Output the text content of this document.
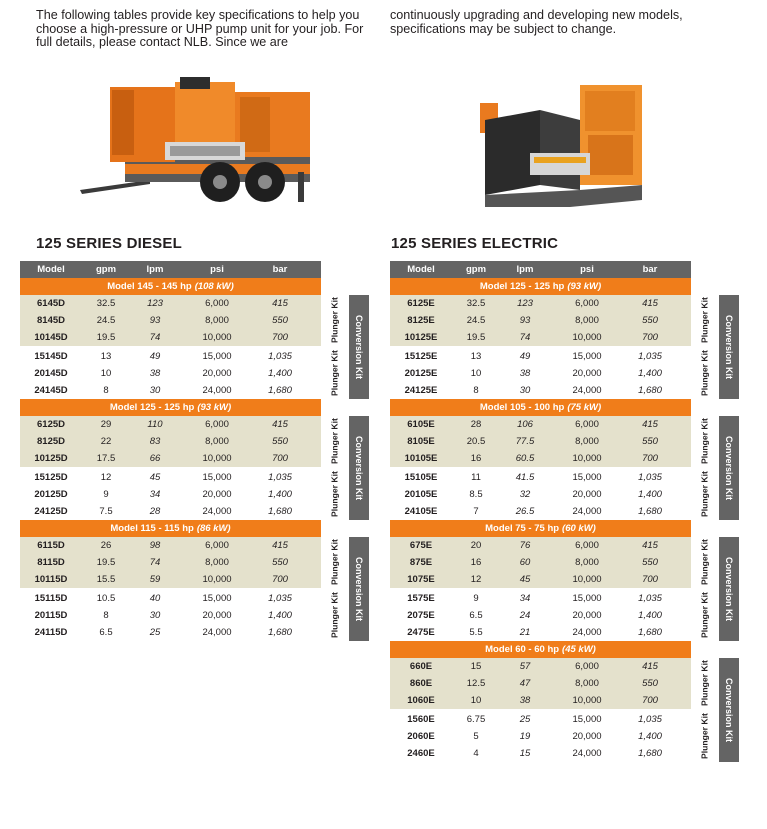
The following tables provide key specifications to help you choose a high-pressure or UHP pump unit for your job. For full details, please contact NLB. Since we are
continuously upgrading and developing new models, specifications may be subject to change.
125 SERIES DIESEL
Model	gpm	lpm	psi	bar
Model 145 - 145 hp (108 kW)
6145D	32.5	123	6,000	415
8145D	24.5	93	8,000	550
10145D	19.5	74	10,000	700
15145D	13	49	15,000	1,035
20145D	10	38	20,000	1,400
24145D	8	30	24,000	1,680
Plunger Kit
Plunger Kit	Conversion Kit
Model 125 - 125 hp (93 kW)
6125D	29	110	6,000	415
8125D	22	83	8,000	550
10125D	17.5	66	10,000	700
15125D	12	45	15,000	1,035
20125D	9	34	20,000	1,400
24125D	7.5	28	24,000	1,680
Plunger Kit
Plunger Kit	Conversion Kit
Model 115 - 115 hp (86 kW)
6115D	26	98	6,000	415
8115D	19.5	74	8,000	550
10115D	15.5	59	10,000	700
15115D	10.5	40	15,000	1,035
20115D	8	30	20,000	1,400
24115D	6.5	25	24,000	1,680
Plunger Kit
Plunger Kit	Conversion Kit
125 SERIES ELECTRIC
Model	gpm	lpm	psi	bar
Model 125 - 125 hp (93 kW)
6125E	32.5	123	6,000	415
8125E	24.5	93	8,000	550
10125E	19.5	74	10,000	700
15125E	13	49	15,000	1,035
20125E	10	38	20,000	1,400
24125E	8	30	24,000	1,680
Plunger Kit
Plunger Kit	Conversion Kit
Model 105 - 100 hp (75 kW)
6105E	28	106	6,000	415
8105E	20.5	77.5	8,000	550
10105E	16	60.5	10,000	700
15105E	11	41.5	15,000	1,035
20105E	8.5	32	20,000	1,400
24105E	7	26.5	24,000	1,680
Plunger Kit
Plunger Kit	Conversion Kit
Model 75 - 75 hp (60 kW)
675E	20	76	6,000	415
875E	16	60	8,000	550
1075E	12	45	10,000	700
1575E	9	34	15,000	1,035
2075E	6.5	24	20,000	1,400
2475E	5.5	21	24,000	1,680
Plunger Kit
Plunger Kit	Conversion Kit
Model 60 - 60 hp (45 kW)
660E	15	57	6,000	415
860E	12.5	47	8,000	550
1060E	10	38	10,000	700
1560E	6.75	25	15,000	1,035
2060E	5	19	20,000	1,400
2460E	4	15	24,000	1,680
Plunger Kit
Plunger Kit	Conversion Kit
